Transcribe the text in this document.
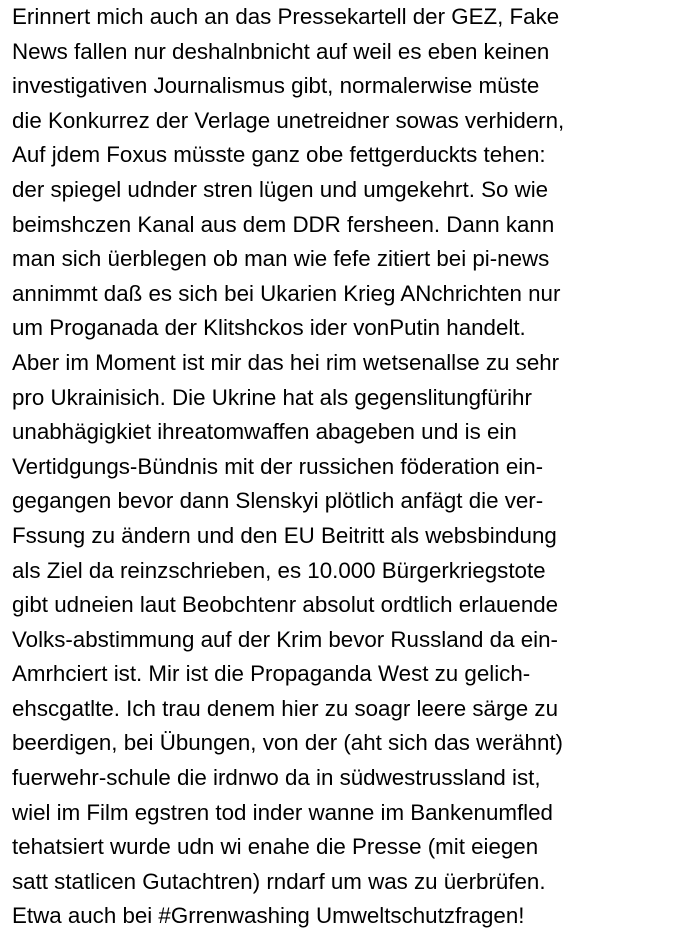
Erinnert mich auch an das Pressekartell der GEZ, Fake
News fallen nur deshalnbnicht auf weil es eben keinen
investigativen Journalismus gibt, normalerwise müste
die Konkurrez der Verlage unetreidner sowas verhidern,
Auf jdem Foxus müsste ganz obe fettgerduckts tehen:
der spiegel udnder stren lügen und umgekehrt. So wie
beimshczen Kanal aus dem DDR fersheen. Dann kann
man sich üerblegen ob man wie fefe zitiert bei pi-news
annimmt daß es sich bei Ukarien Krieg ANchrichten nur
um Proganada der Klitshckos ider vonPutin handelt.
Aber im Moment ist mir das hei rim wetsenallse zu sehr
pro Ukrainisich. Die Ukrine hat als gegenslitungfürihr
unabhägigkiet ihreatomwaffen abageben und is ein
Vertidgungs-Bündnis mit der russichen föderation ein-
gegangen bevor dann Slenskyi plötlich anfägt die ver-
Fssung zu ändern und den EU Beitritt als websbindung
als Ziel da reinzschrieben, es 10.000 Bürgerkriegstote
gibt udneien laut Beobchtenr absolut ordtlich erlauende
Volks-abstimmung auf der Krim bevor Russland da ein-
Amrhciert ist. Mir ist die Propaganda West zu gelich-
ehscgatlte. Ich trau denem hier zu soagr leere särge zu
beerdigen, bei Übungen, von der (aht sich das werähnt)
fuerwehr-schule die irdnwo da in südwestrussland ist,
wiel im Film egstren tod inder wanne im Bankenumfled
tehatsiert wurde udn wi enahe die Presse (mit eiegen
satt statlicen Gutachtren) rndarf um was zu üerbrüfen.
Etwa auch bei #Grrenwashing Umweltschutzfragen!
